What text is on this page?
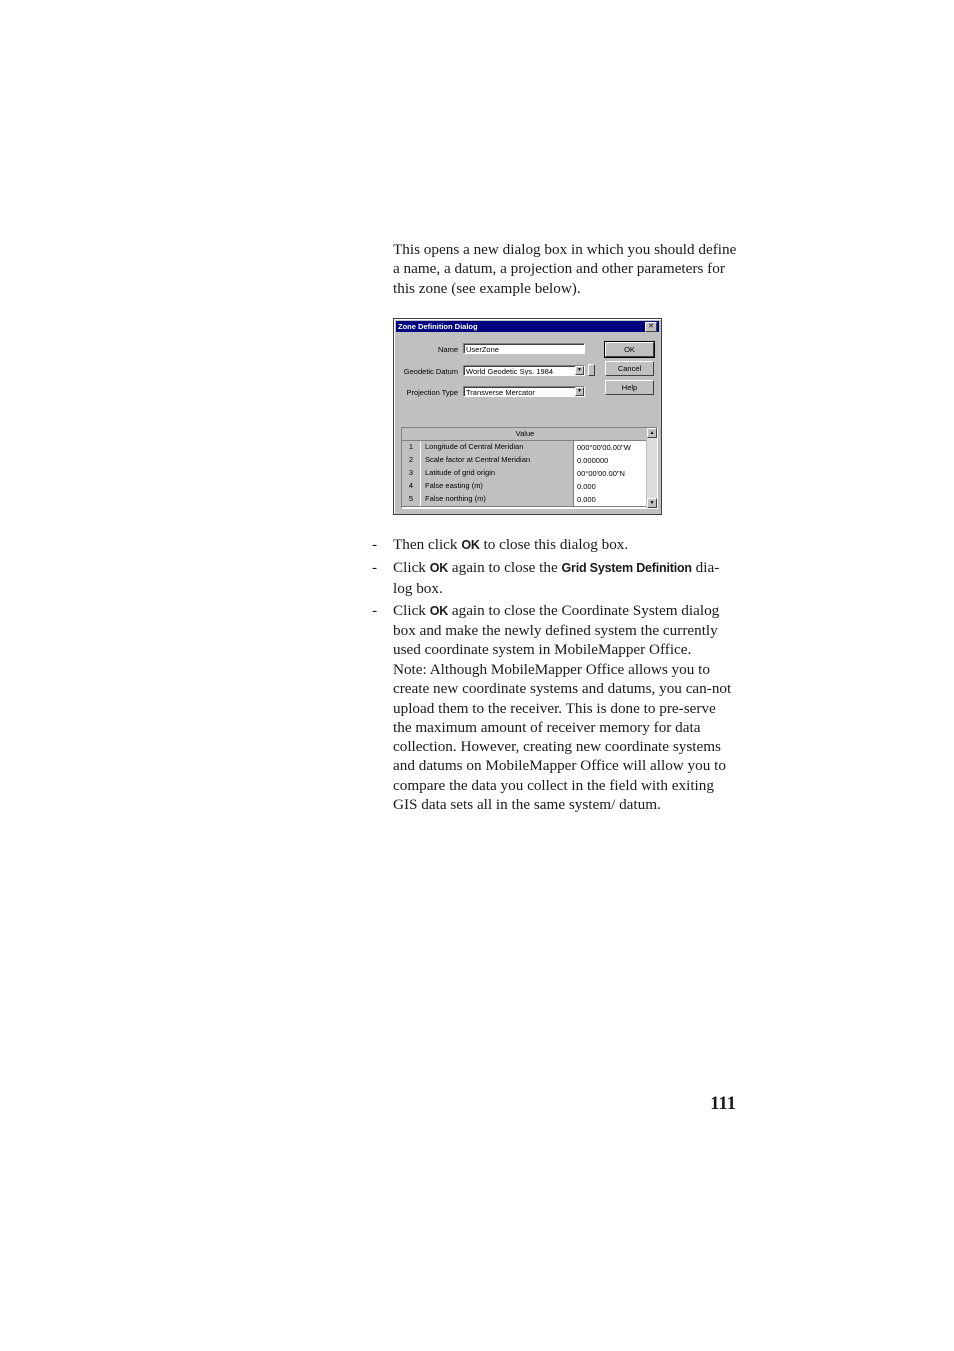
This opens a new dialog box in which you should define a name, a datum, a projection and other parameters for this zone (see example below).

Zone Definition Dialog	✕
Name	UserZone
Geodetic Datum	World Geodetic Sys. 1984	▼
Projection Type	Transverse Mercator	▼
OK
Cancel
Help
Value
1	Longitude of Central Meridian	000°00'00.00"W
2	Scale factor at Central Meridian	0.000000
3	Latitude of grid origin	00°00'00.00"N
4	False easting (m)	0.000
5	False northing (m)	0.000
▲
▼
- Then click OK to close this dialog box.
- Click OK again to close the Grid System Definition dia-log box.
- Click OK again to close the Coordinate System dialog box and make the newly defined system the currently used coordinate system in MobileMapper Office.

Note: Although MobileMapper Office allows you to create new coordinate systems and datums, you can-not upload them to the receiver. This is done to pre-serve the maximum amount of receiver memory for data collection. However, creating new coordinate systems and datums on MobileMapper Office will allow you to compare the data you collect in the field with exiting GIS data sets all in the same system/ datum.

111
